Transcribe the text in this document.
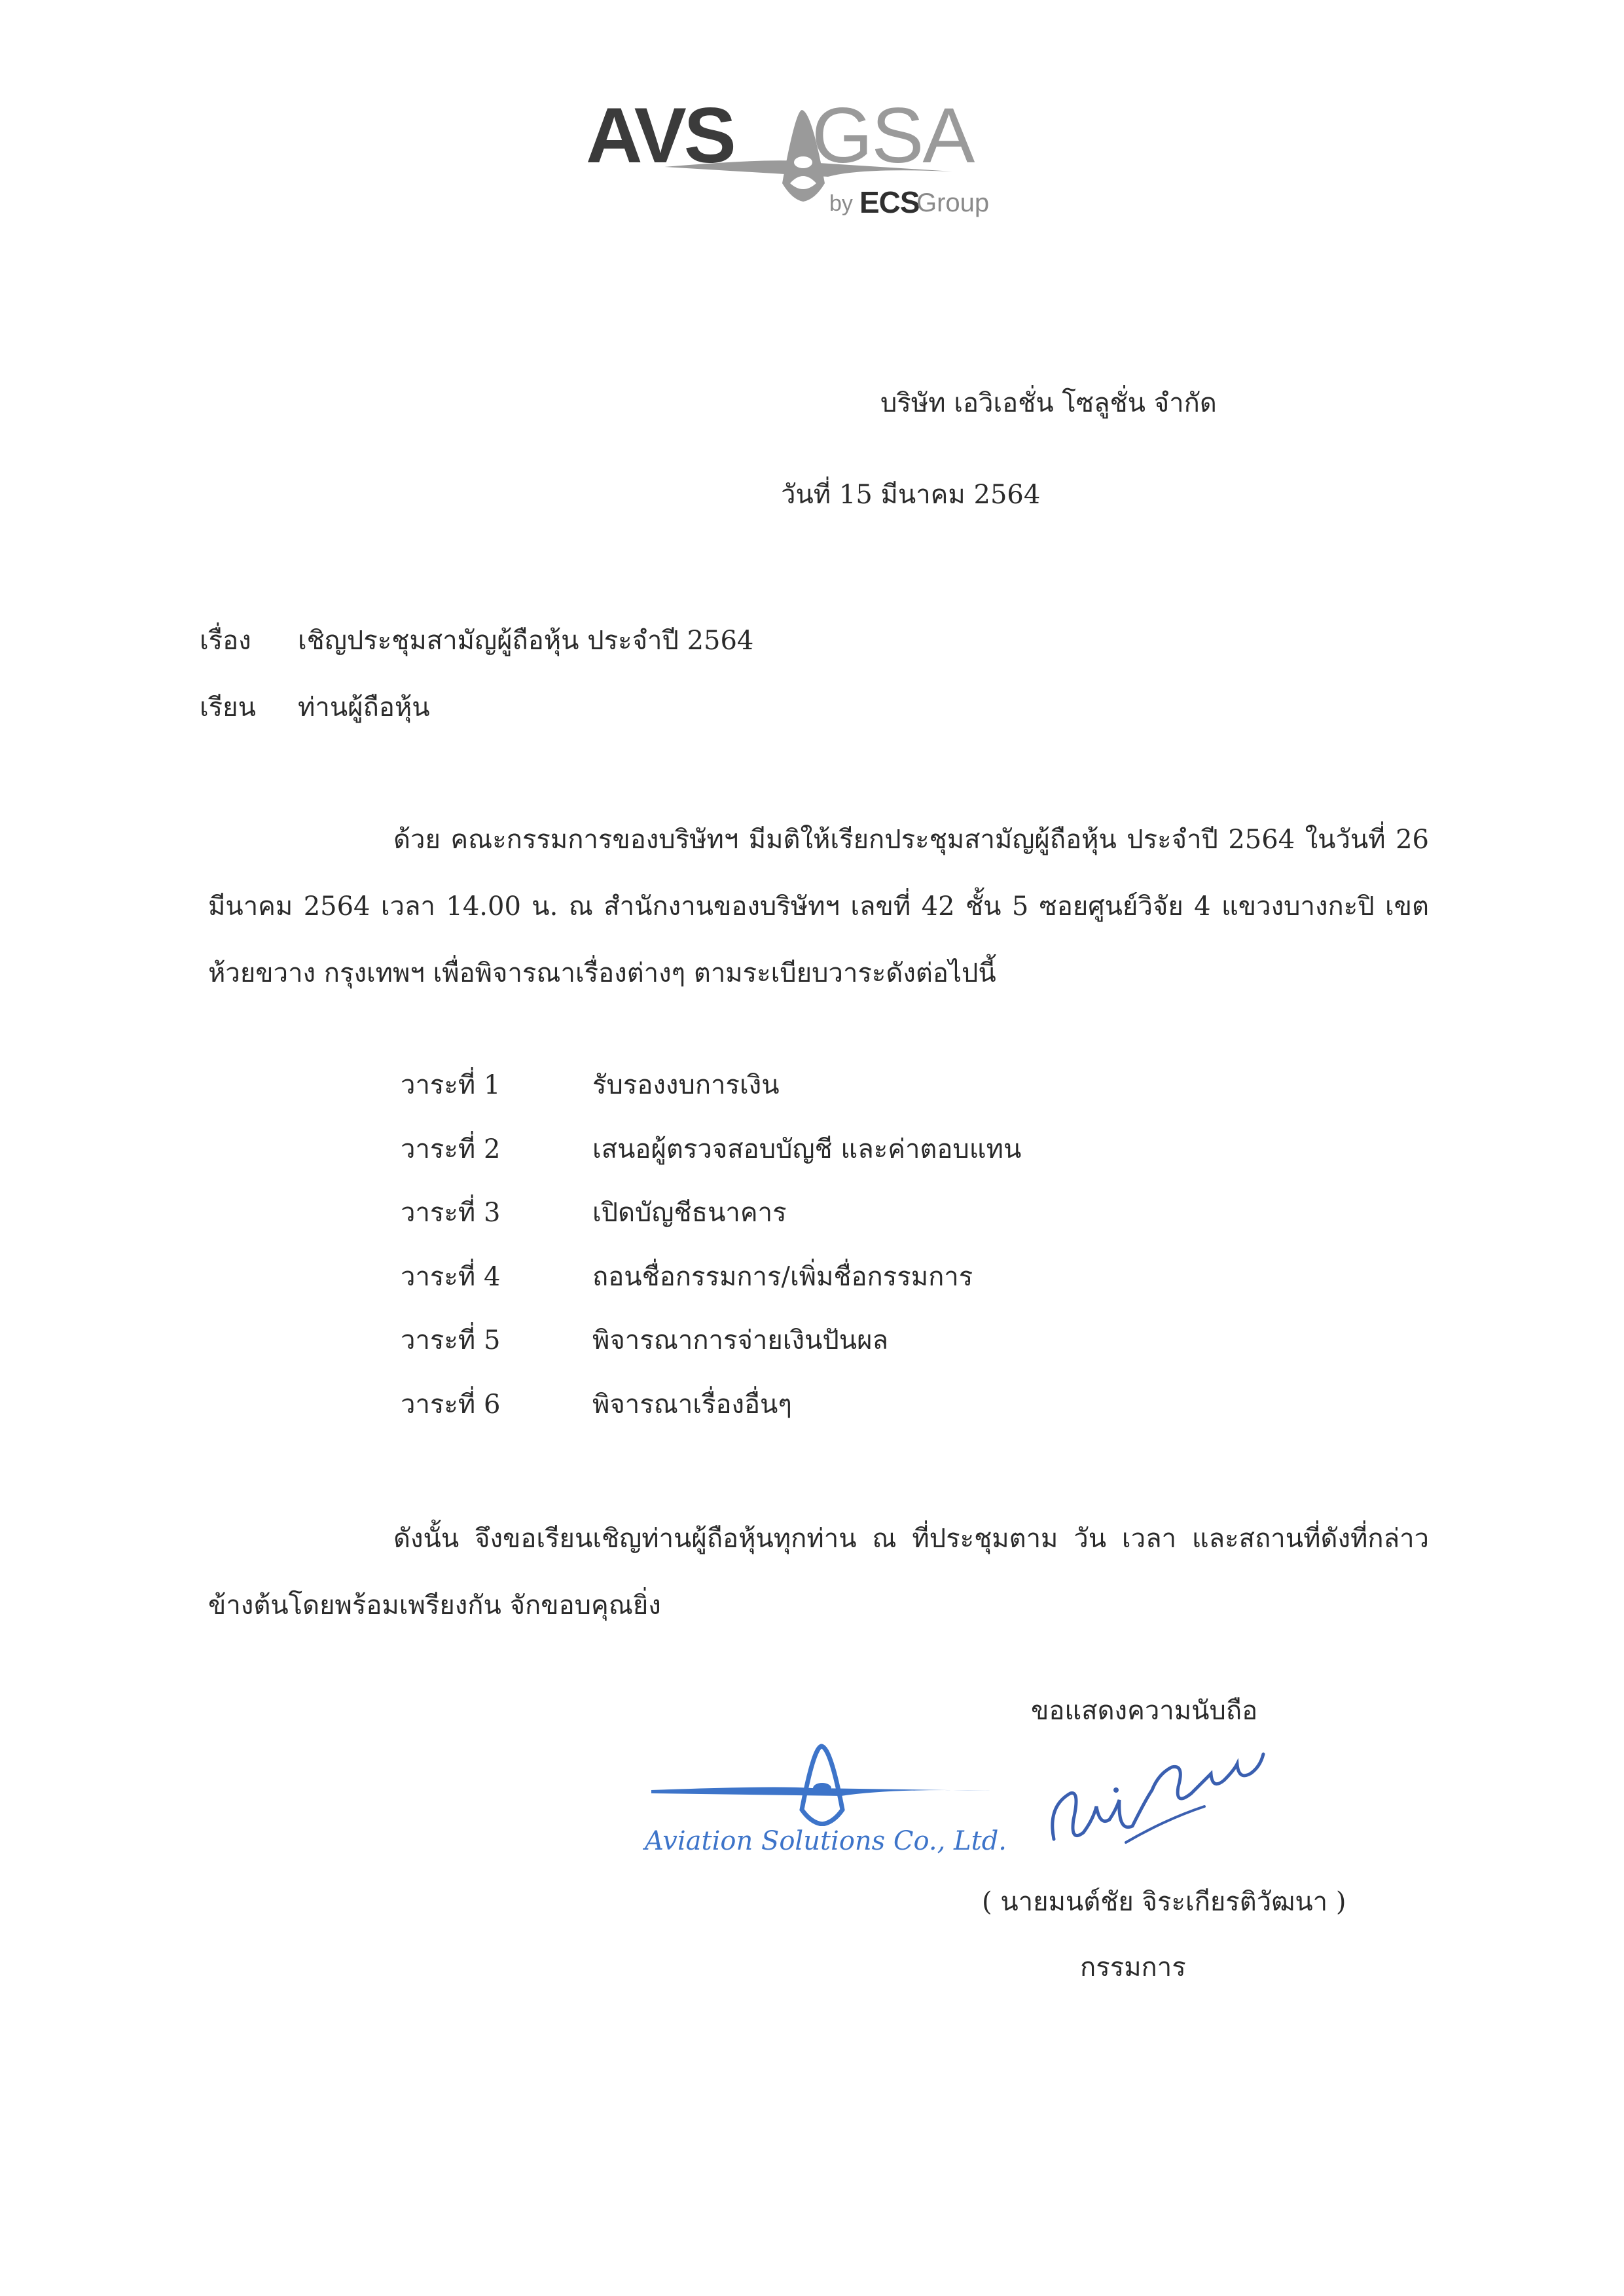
AVS GSA
by ECS
Group
บริษัท เอวิเอชั่น โซลูชั่น จำกัด
วันที่ 15 มีนาคม 2564
เรื่อง เชิญประชุมสามัญผู้ถือหุ้น ประจำปี 2564
เรียน ท่านผู้ถือหุ้น
ด้วย คณะกรรมการของบริษัทฯ มีมติให้เรียกประชุมสามัญผู้ถือหุ้น ประจำปี 2564 ในวันที่ 26 มีนาคม 2564 เวลา 14.00 น. ณ สำนักงานของบริษัทฯ เลขที่ 42 ชั้น 5 ซอยศูนย์วิจัย 4 แขวงบางกะปิ เขต ห้วยขวาง กรุงเทพฯ เพื่อพิจารณาเรื่องต่างๆ ตามระเบียบวาระดังต่อไปนี้
วาระที่ 1	รับรองงบการเงิน
วาระที่ 2	เสนอผู้ตรวจสอบบัญชี และค่าตอบแทน
วาระที่ 3	เปิดบัญชีธนาคาร
วาระที่ 4	ถอนชื่อกรรมการ/เพิ่มชื่อกรรมการ
วาระที่ 5	พิจารณาการจ่ายเงินปันผล
วาระที่ 6	พิจารณาเรื่องอื่นๆ
ดังนั้น จึงขอเรียนเชิญท่านผู้ถือหุ้นทุกท่าน ณ ที่ประชุมตาม วัน เวลา และสถานที่ดังที่กล่าว ข้างต้นโดยพร้อมเพรียงกัน จักขอบคุณยิ่ง
ขอแสดงความนับถือ
Aviation Solutions Co., Ltd.
( นายมนต์ชัย จิระเกียรติวัฒนา )
กรรมการ
